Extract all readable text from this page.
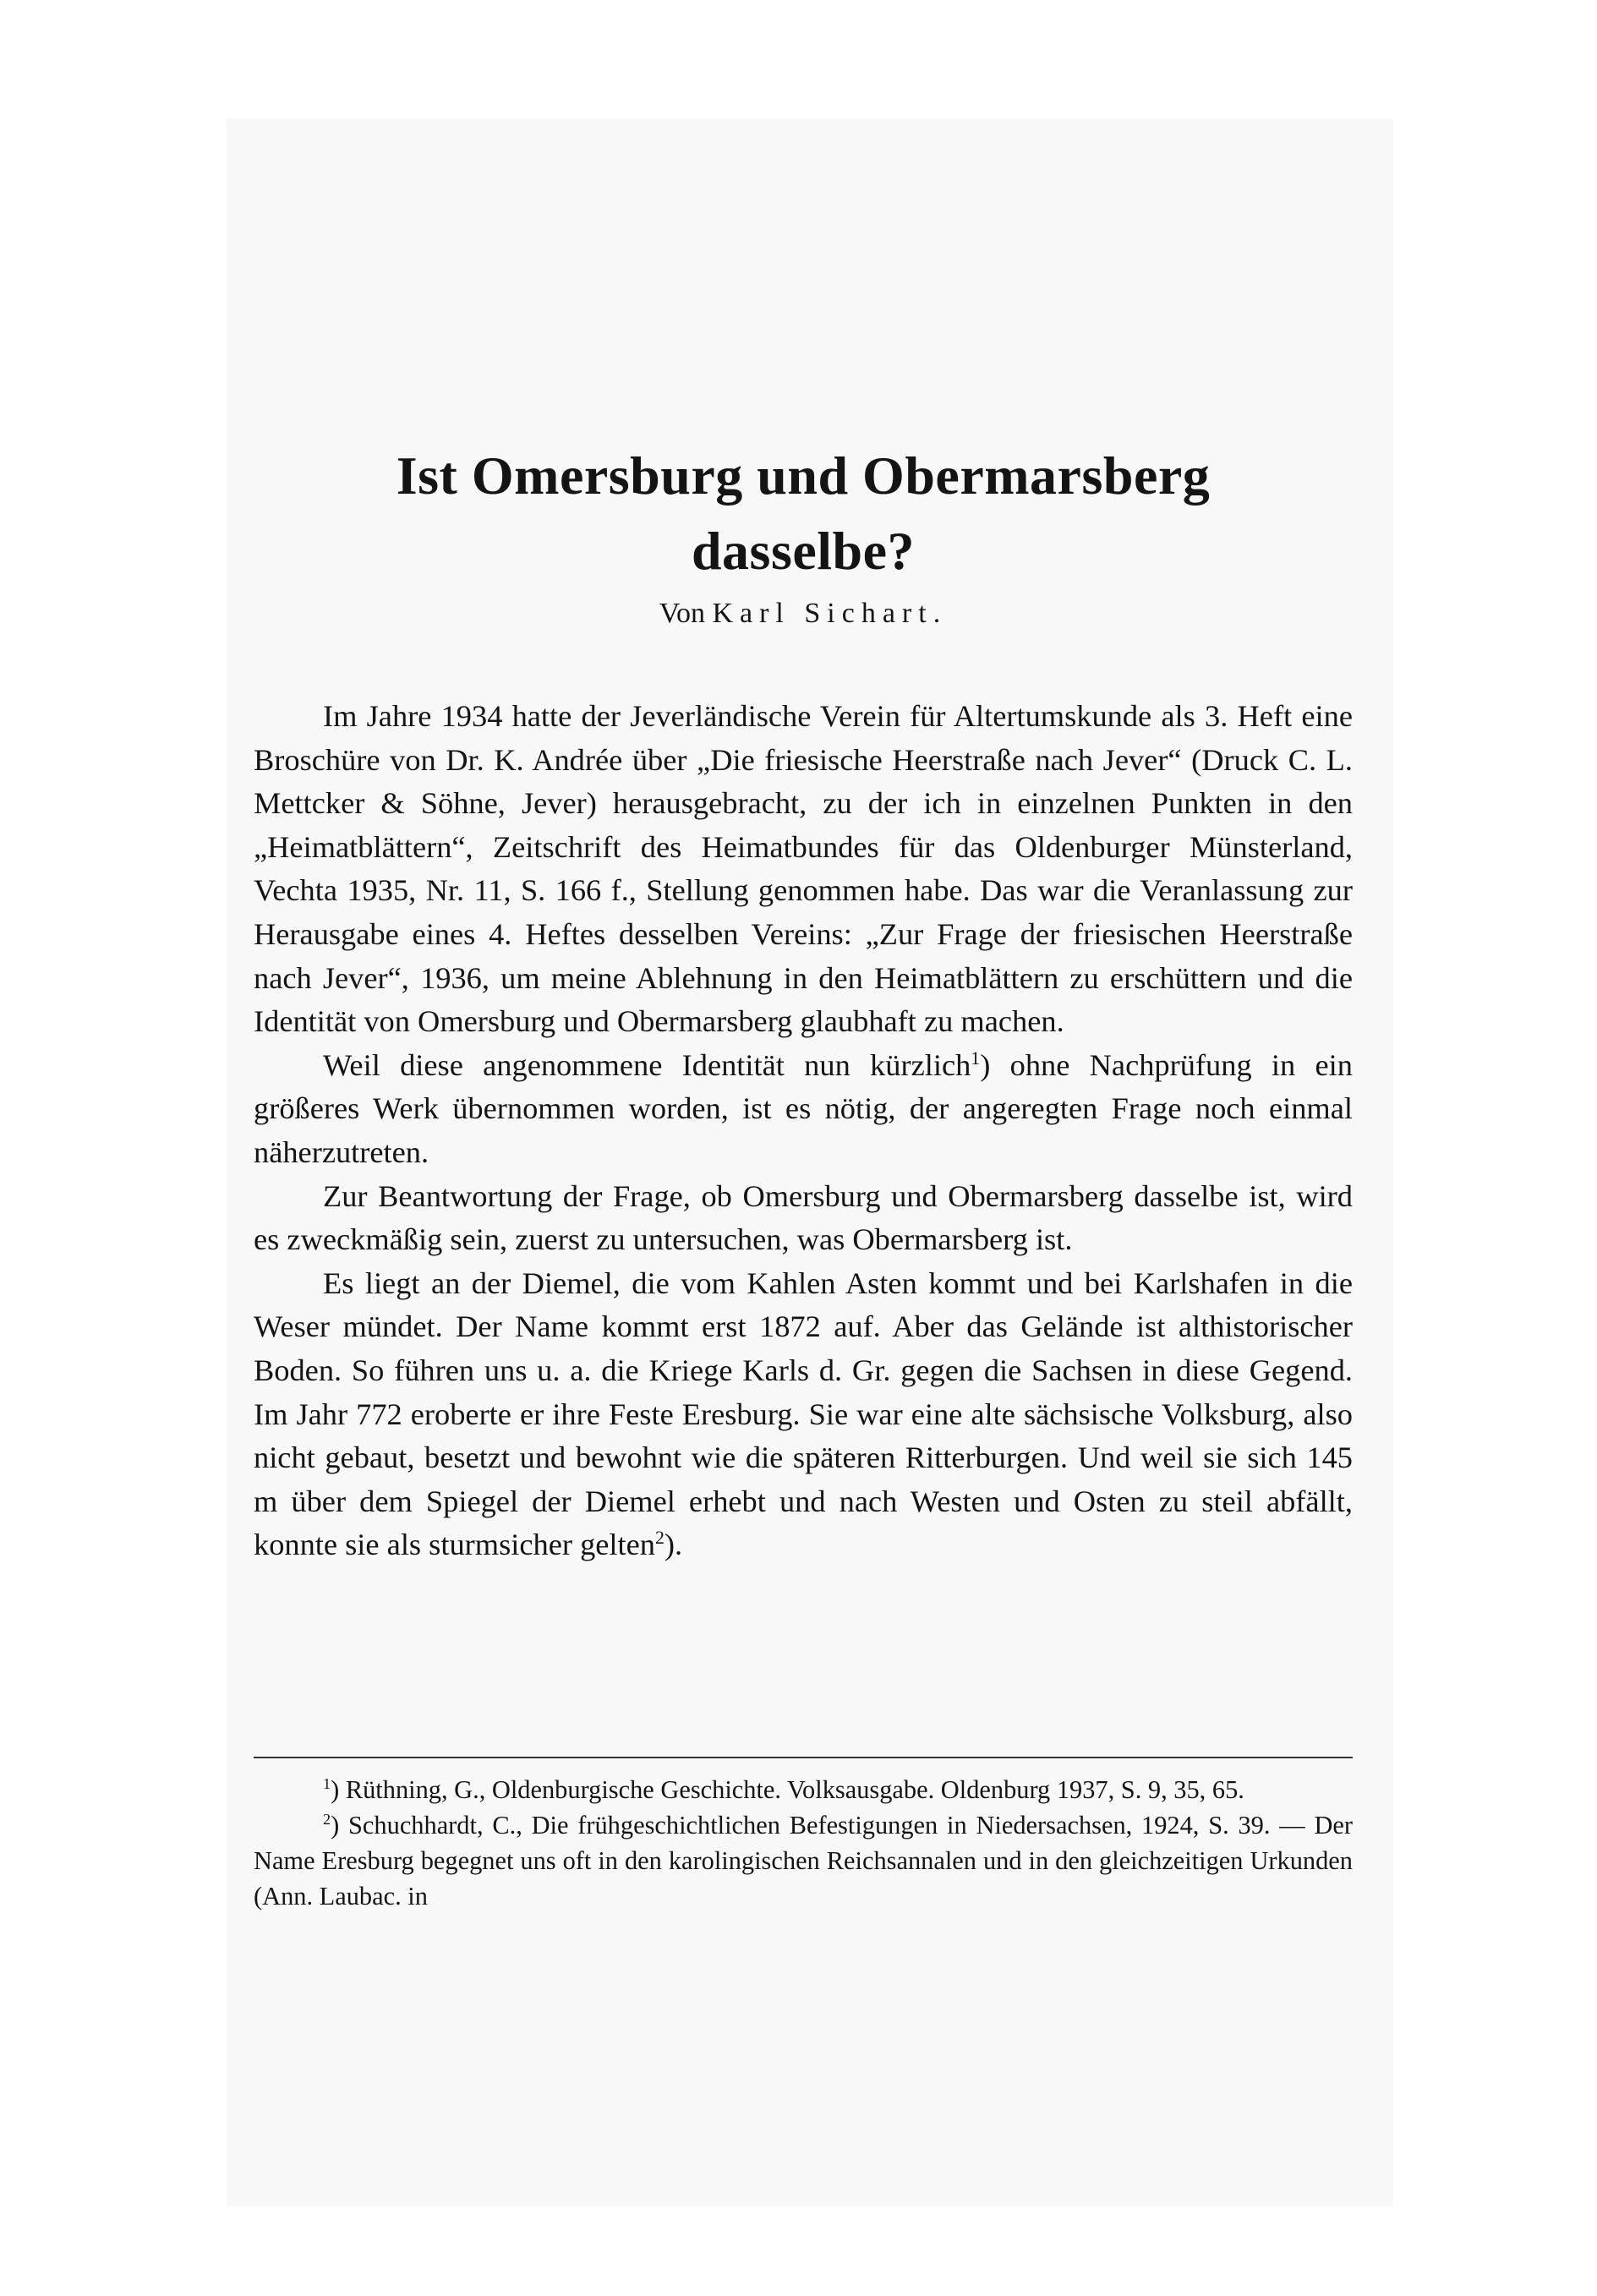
Ist Omersburg und Obermarsberg
dasselbe?
Von Karl Sichart.

Im Jahre 1934 hatte der Jeverländische Verein für Altertumskunde als 3. Heft eine Broschüre von Dr. K. Andrée über „Die friesische Heerstraße nach Jever“ (Druck C. L. Mettcker & Söhne, Jever) herausgebracht, zu der ich in einzelnen Punkten in den „Heimatblättern“, Zeitschrift des Heimatbundes für das Oldenburger Münsterland, Vechta 1935, Nr. 11, S. 166 f., Stellung genommen habe. Das war die Veranlassung zur Herausgabe eines 4. Heftes desselben Vereins: „Zur Frage der friesischen Heerstraße nach Jever“, 1936, um meine Ablehnung in den Heimatblättern zu erschüttern und die Identität von Omersburg und Obermarsberg glaubhaft zu machen.

Weil diese angenommene Identität nun kürzlich$^1$) ohne Nachprüfung in ein größeres Werk übernommen worden, ist es nötig, der angeregten Frage noch einmal näherzutreten.

Zur Beantwortung der Frage, ob Omersburg und Obermarsberg dasselbe ist, wird es zweckmäßig sein, zuerst zu untersuchen, was Obermarsberg ist.

Es liegt an der Diemel, die vom Kahlen Asten kommt und bei Karlshafen in die Weser mündet. Der Name kommt erst 1872 auf. Aber das Gelände ist althistorischer Boden. So führen uns u. a. die Kriege Karls d. Gr. gegen die Sachsen in diese Gegend. Im Jahr 772 eroberte er ihre Feste Eresburg. Sie war eine alte sächsische Volksburg, also nicht gebaut, besetzt und bewohnt wie die späteren Ritterburgen. Und weil sie sich 145 m über dem Spiegel der Diemel erhebt und nach Westen und Osten zu steil abfällt, konnte sie als sturmsicher gelten$^2$).

$^1$) Rüthning, G., Oldenburgische Geschichte. Volksausgabe. Oldenburg 1937, S. 9, 35, 65.

$^2$) Schuchhardt, C., Die frühgeschichtlichen Befestigungen in Niedersachsen, 1924, S. 39. — Der Name Eresburg begegnet uns oft in den karolingischen Reichsannalen und in den gleichzeitigen Urkunden (Ann. Laubac. in
